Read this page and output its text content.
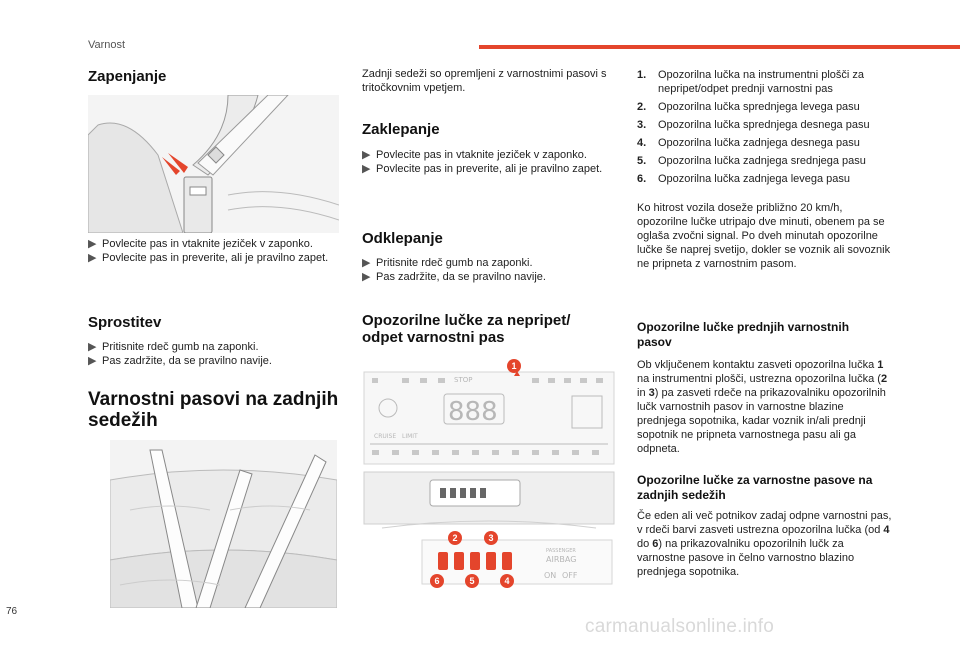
Varnost
Zapenjanje

▶ Povlecite pas in vtaknite jeziček v zaponko.

▶ Povlecite pas in preverite, ali je pravilno zapet.

Sprostitev

▶ Pritisnite rdeč gumb na zaponki.

▶ Pas zadržite, da se pravilno navije.

Varnostni pasovi na zadnjih sedežih
Zadnji sedeži so opremljeni z varnostnimi pasovi s tritočkovnim vpetjem.
Zaklepanje

▶ Povlecite pas in vtaknite jeziček v zaponko.

▶ Povlecite pas in preverite, ali je pravilno zapet.

Odklepanje

▶ Pritisnite rdeč gumb na zaponki.

▶ Pas zadržite, da se pravilno navije.

Opozorilne lučke za nepripet/ odpet varnostni pas
STOP
CRUISE LIMIT
888
PASSENGER
AIRBAG
ON OFF
1
2	3
4
5
6

1. Opozorilna lučka na instrumentni plošči za nepripet/odpet prednji varnostni pas

2. Opozorilna lučka sprednjega levega pasu

3. Opozorilna lučka sprednjega desnega pasu

4. Opozorilna lučka zadnjega desnega pasu

5. Opozorilna lučka zadnjega srednjega pasu

6. Opozorilna lučka zadnjega levega pasu

Ko hitrost vozila doseže približno 20 km/h, opozorilne lučke utripajo dve minuti, obenem pa se oglaša zvočni signal. Po dveh minutah opozorilne lučke še naprej svetijo, dokler se voznik ali sovoznik ne pripneta z varnostnim pasom.
Opozorilne lučke prednjih varnostnih pasov
Ob vključenem kontaktu zasveti opozorilna lučka 1 na instrumentni plošči, ustrezna opozorilna lučka (2 in 3) pa zasveti rdeče na prikazovalniku opozorilnih lučk varnostnih pasov in varnostne blazine prednjega sopotnika, kadar voznik in/ali prednji sopotnik ne pripneta varnostnega pasu ali ga odpneta.
Opozorilne lučke za varnostne pasove na zadnjih sedežih
Če eden ali več potnikov zadaj odpne varnostni pas, v rdeči barvi zasveti ustrezna opozorilna lučka (od 4 do 6) na prikazovalniku opozorilnih lučk za varnostne pasove in čelno varnostno blazino prednjega sopotnika.
76
carmanualsonline.info
